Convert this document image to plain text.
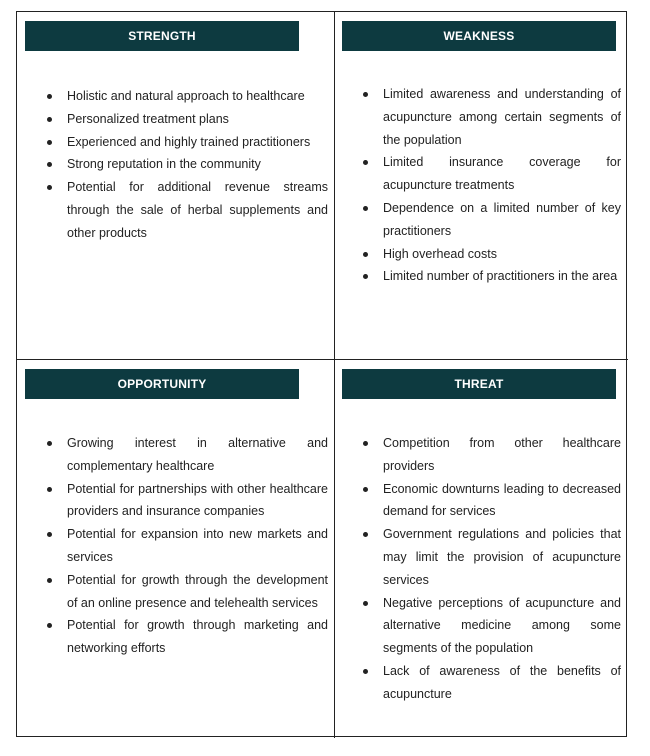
STRENGTH
Holistic and natural approach to healthcare
Personalized treatment plans
Experienced and highly trained practitioners
Strong reputation in the community
Potential for additional revenue streams through the sale of herbal supplements and other products
WEAKNESS
Limited awareness and understanding of acupuncture among certain segments of the population
Limited insurance coverage for acupuncture treatments
Dependence on a limited number of key practitioners
High overhead costs
Limited number of practitioners in the area
OPPORTUNITY
Growing interest in alternative and complementary healthcare
Potential for partnerships with other healthcare providers and insurance companies
Potential for expansion into new markets and services
Potential for growth through the development of an online presence and telehealth services
Potential for growth through marketing and networking efforts
THREAT
Competition from other healthcare providers
Economic downturns leading to decreased demand for services
Government regulations and policies that may limit the provision of acupuncture services
Negative perceptions of acupuncture and alternative medicine among some segments of the population
Lack of awareness of the benefits of acupuncture
